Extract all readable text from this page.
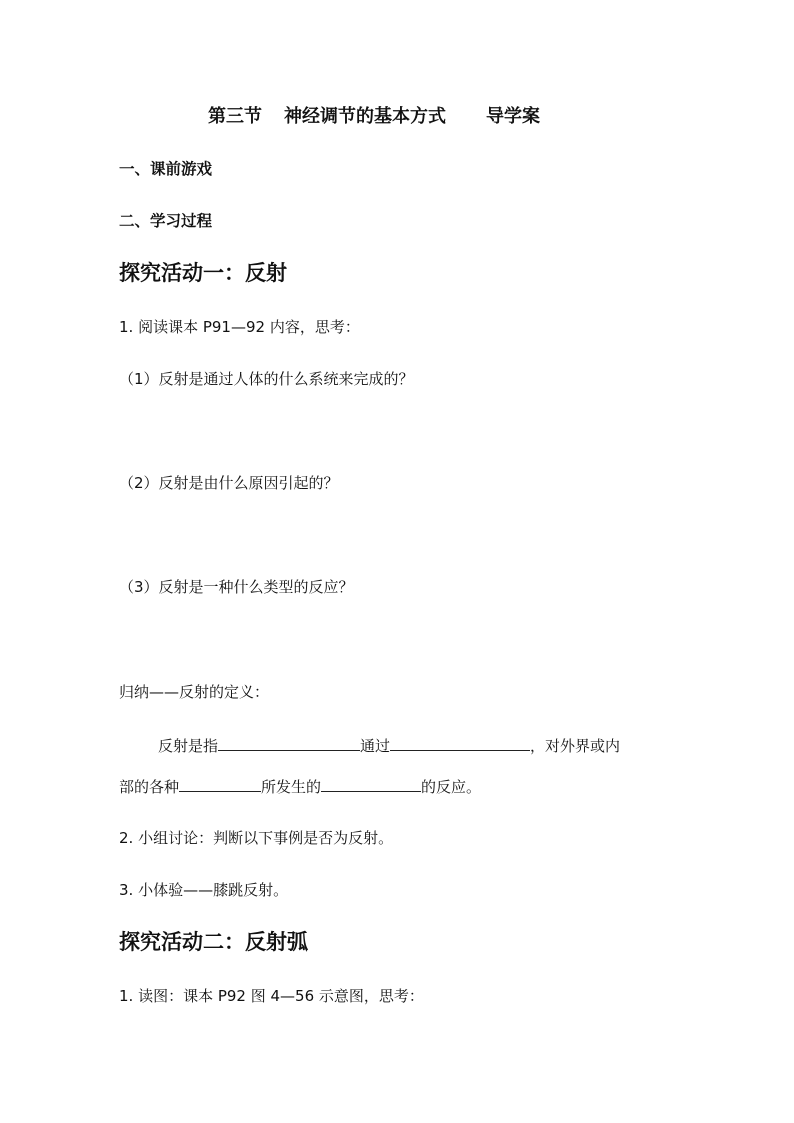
第三节 神经调节的基本方式 导学案
一、课前游戏
二、学习过程
探究活动一：反射
1. 阅读课本 P91—92 内容，思考：
（1）反射是通过人体的什么系统来完成的？
（2）反射是由什么原因引起的？
（3）反射是一种什么类型的反应？
归纳——反射的定义：
反射是指	通过	，对外界或内
部的各种	所发生的	的反应。
2. 小组讨论：判断以下事例是否为反射。
3. 小体验——膝跳反射。
探究活动二：反射弧
1. 读图：课本 P92 图 4—56 示意图，思考：
